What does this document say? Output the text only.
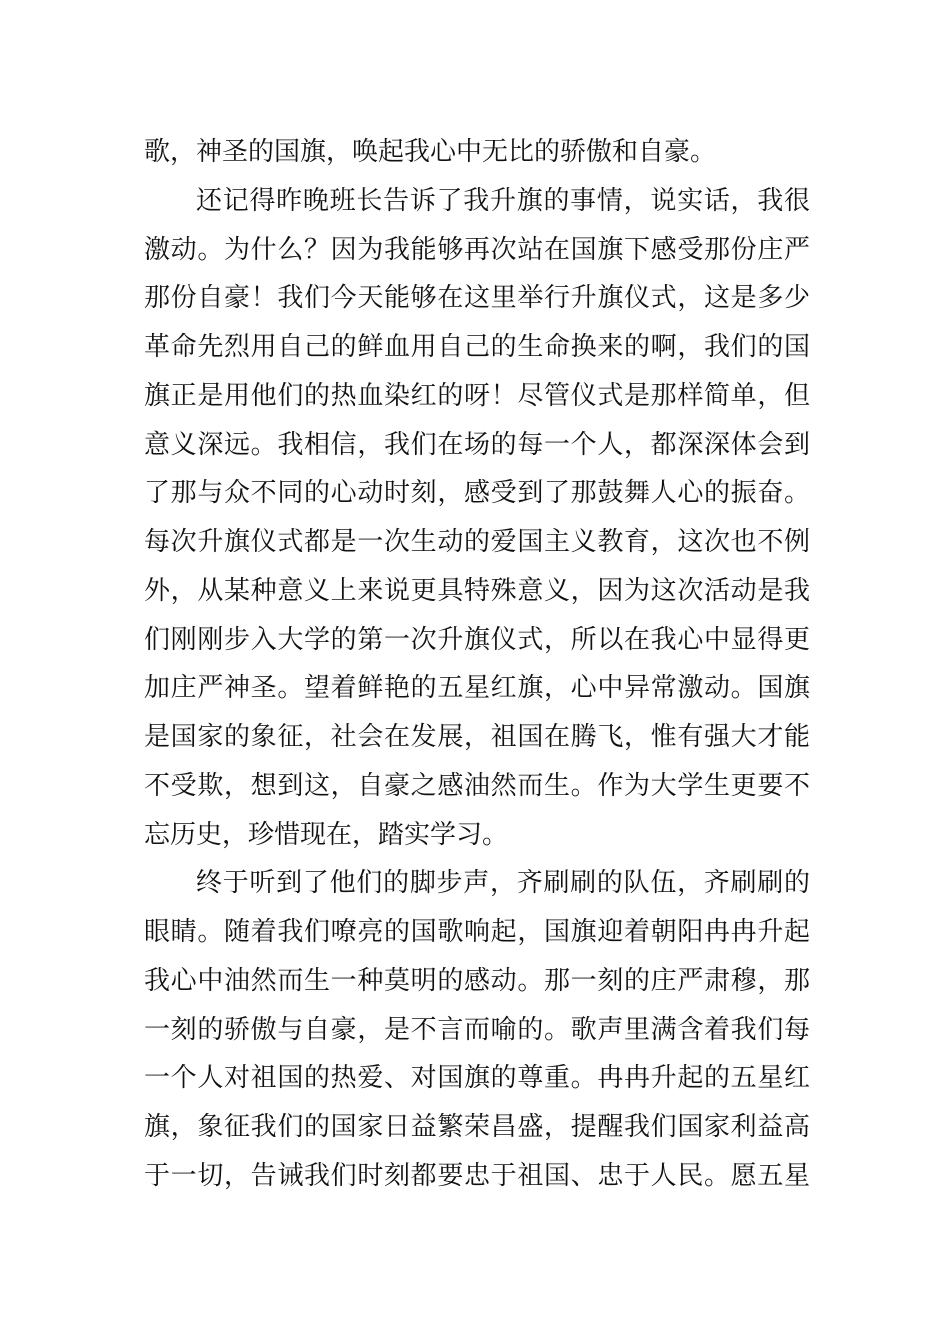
歌，神圣的国旗，唤起我心中无比的骄傲和自豪。
还记得昨晚班长告诉了我升旗的事情，说实话，我很
激动。为什么？因为我能够再次站在国旗下感受那份庄严
那份自豪！我们今天能够在这里举行升旗仪式，这是多少
革命先烈用自己的鲜血用自己的生命换来的啊，我们的国
旗正是用他们的热血染红的呀！尽管仪式是那样简单，但
意义深远。我相信，我们在场的每一个人，都深深体会到
了那与众不同的心动时刻，感受到了那鼓舞人心的振奋。
每次升旗仪式都是一次生动的爱国主义教育，这次也不例
外，从某种意义上来说更具特殊意义，因为这次活动是我
们刚刚步入大学的第一次升旗仪式，所以在我心中显得更
加庄严神圣。望着鲜艳的五星红旗，心中异常激动。国旗
是国家的象征，社会在发展，祖国在腾飞，惟有强大才能
不受欺，想到这，自豪之感油然而生。作为大学生更要不
忘历史，珍惜现在，踏实学习。
终于听到了他们的脚步声，齐刷刷的队伍，齐刷刷的
眼睛。随着我们嘹亮的国歌响起，国旗迎着朝阳冉冉升起
我心中油然而生一种莫明的感动。那一刻的庄严肃穆，那
一刻的骄傲与自豪，是不言而喻的。歌声里满含着我们每
一个人对祖国的热爱、对国旗的尊重。冉冉升起的五星红
旗，象征我们的国家日益繁荣昌盛，提醒我们国家利益高
于一切，告诫我们时刻都要忠于祖国、忠于人民。愿五星
